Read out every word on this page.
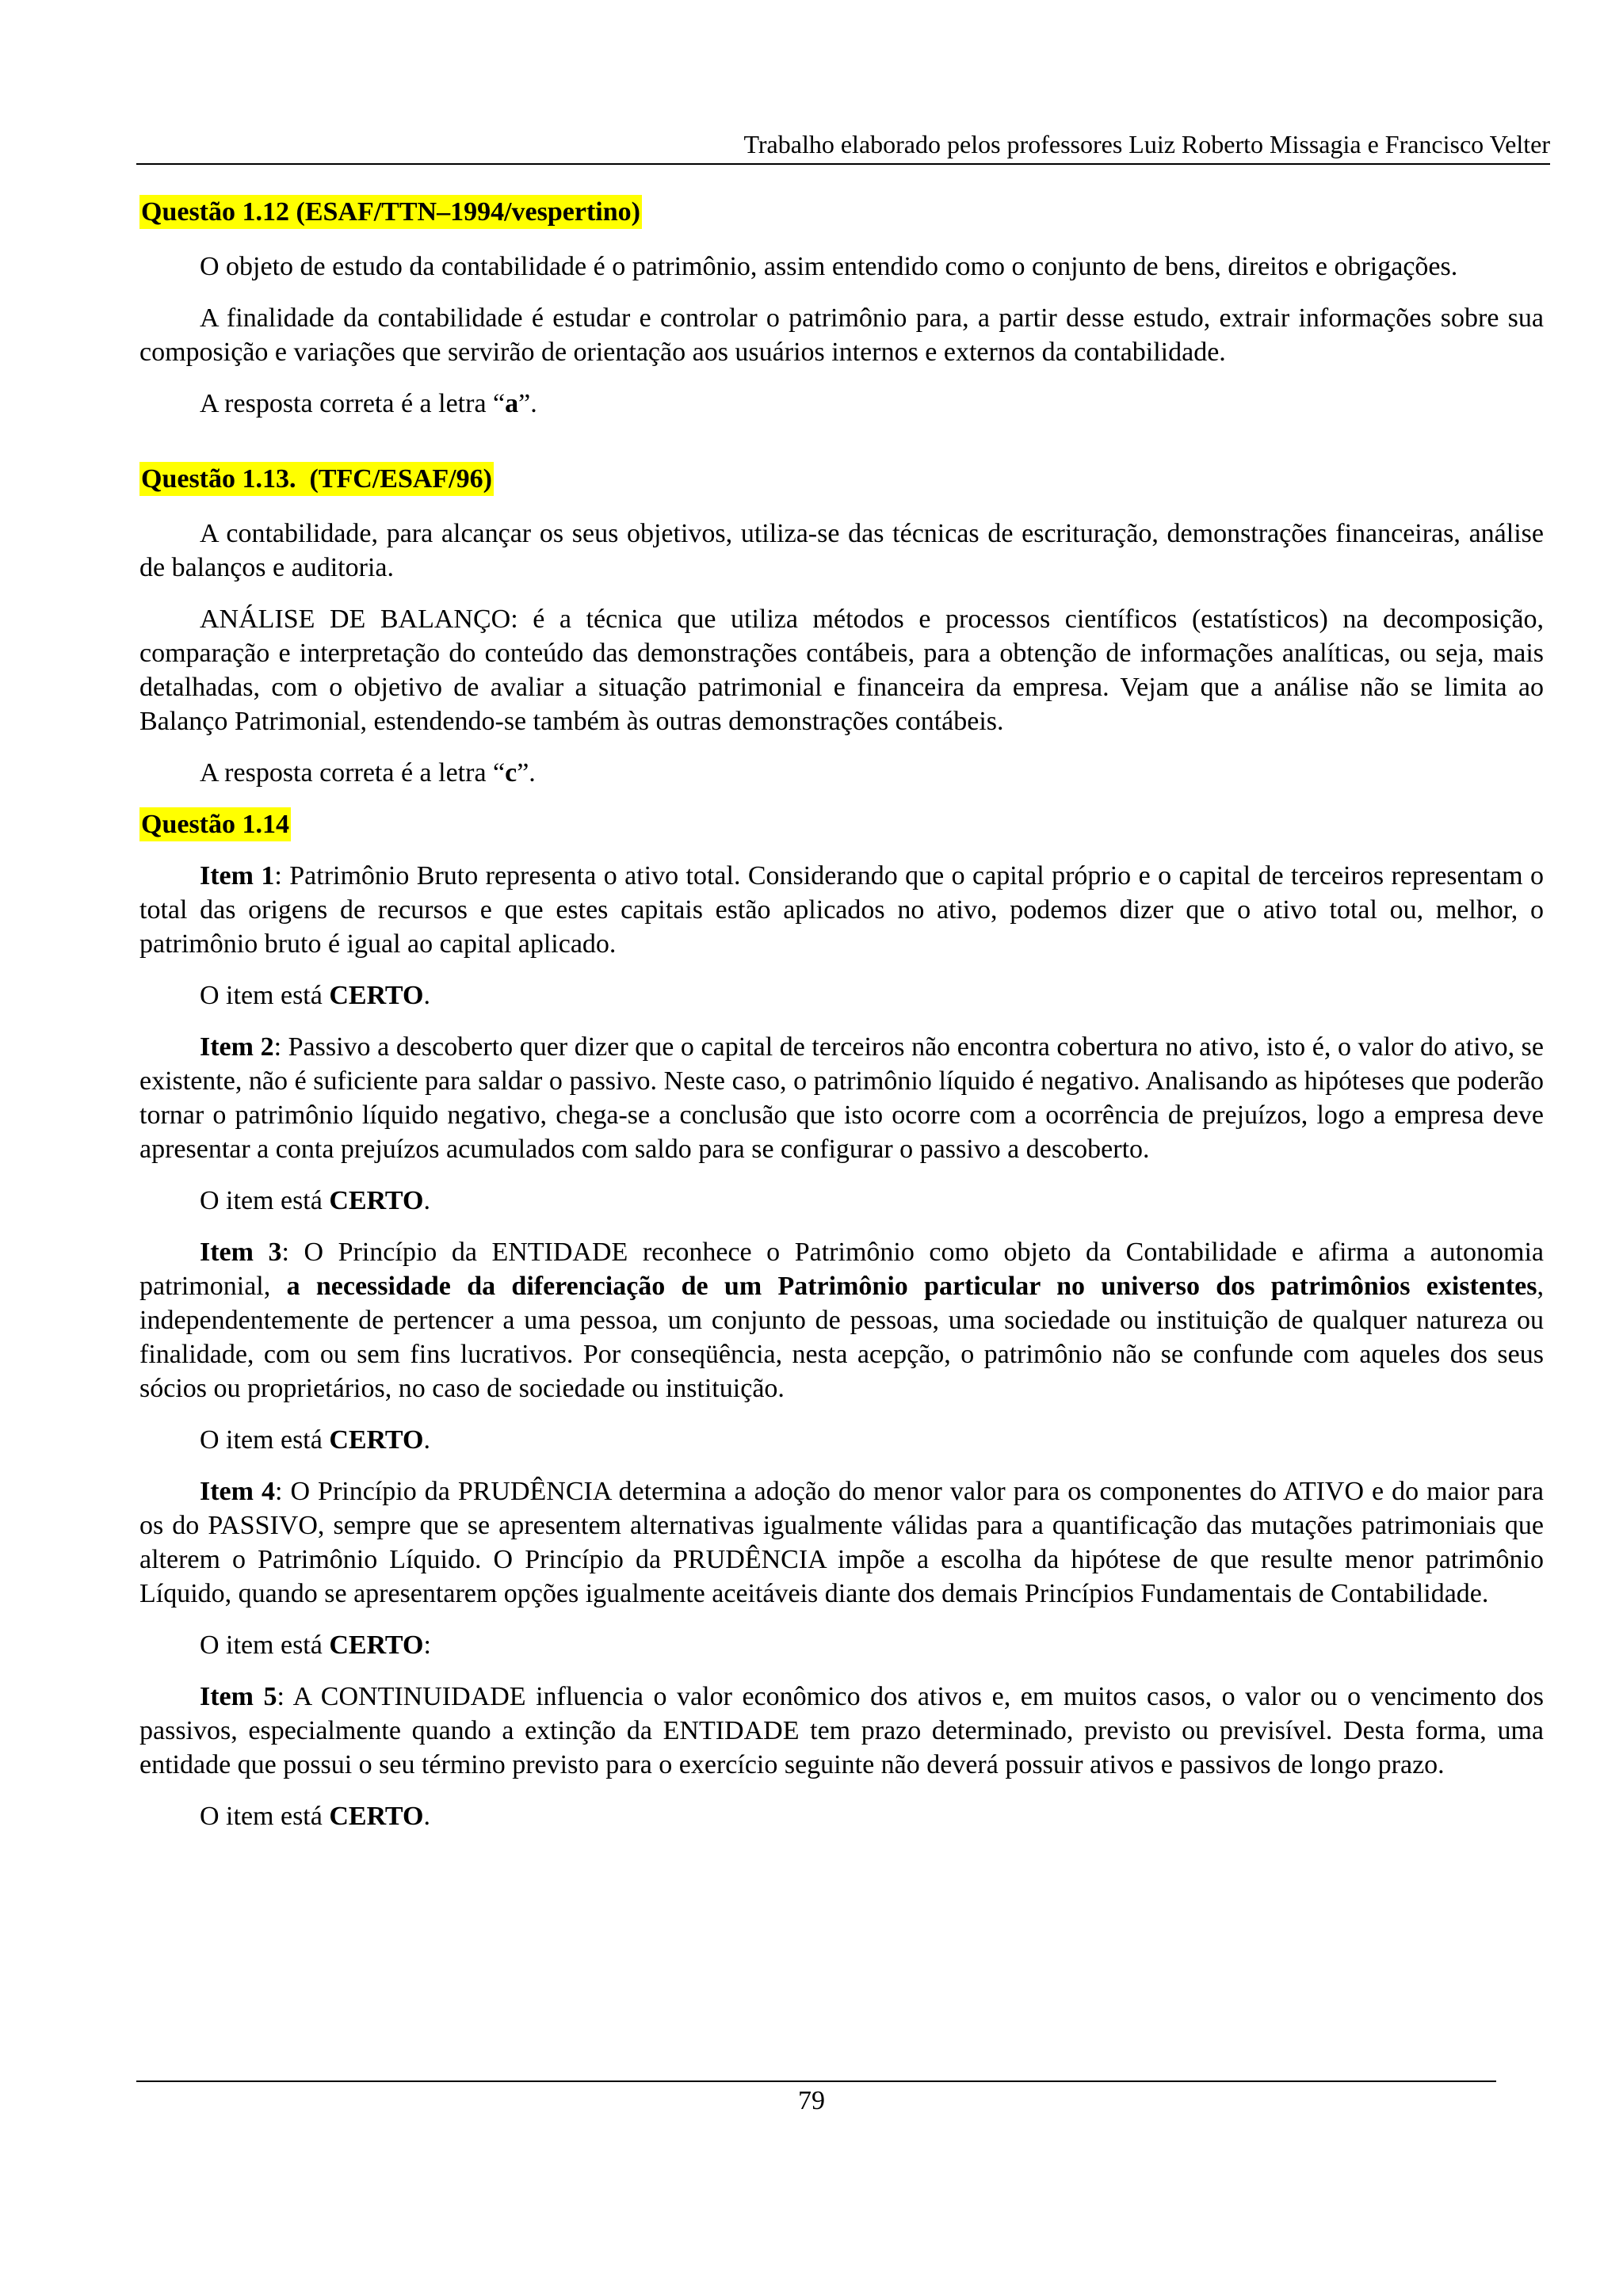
Trabalho elaborado pelos professores Luiz Roberto Missagia e Francisco Velter
Questão 1.12 (ESAF/TTN–1994/vespertino)

O objeto de estudo da contabilidade é o patrimônio, assim entendido como o conjunto de bens, direitos e obrigações.

A finalidade da contabilidade é estudar e controlar o patrimônio para, a partir desse estudo, extrair informações sobre sua composição e variações que servirão de orientação aos usuários internos e externos da contabilidade.

A resposta correta é a letra “a”.

Questão 1.13.  (TFC/ESAF/96)

A contabilidade, para alcançar os seus objetivos, utiliza-se das técnicas de escrituração, demonstrações financeiras, análise de balanços e auditoria.

ANÁLISE DE BALANÇO: é a técnica que utiliza métodos e processos científicos (estatísticos) na decomposição, comparação e interpretação do conteúdo das demonstrações contábeis, para a obtenção de informações analíticas, ou seja, mais detalhadas, com o objetivo de avaliar a situação patrimonial e financeira da empresa. Vejam que a análise não se limita ao Balanço Patrimonial, estendendo-se também às outras demonstrações contábeis.

A resposta correta é a letra “c”.

Questão 1.14

Item 1: Patrimônio Bruto representa o ativo total. Considerando que o capital próprio e o capital de terceiros representam o total das origens de recursos e que estes capitais estão aplicados no ativo, podemos dizer que o ativo total ou, melhor, o patrimônio bruto é igual ao capital aplicado.

O item está CERTO.

Item 2: Passivo a descoberto quer dizer que o capital de terceiros não encontra cobertura no ativo, isto é, o valor do ativo, se existente, não é suficiente para saldar o passivo. Neste caso, o patrimônio líquido é negativo. Analisando as hipóteses que poderão tornar o patrimônio líquido negativo, chega-se a conclusão que isto ocorre com a ocorrência de prejuízos, logo a empresa deve apresentar a conta prejuízos acumulados com saldo para se configurar o passivo a descoberto.

O item está CERTO.

Item 3: O Princípio da ENTIDADE reconhece o Patrimônio como objeto da Contabilidade e afirma a autonomia patrimonial, a necessidade da diferenciação de um Patrimônio particular no universo dos patrimônios existentes, independentemente de pertencer a uma pessoa, um conjunto de pessoas, uma sociedade ou instituição de qualquer natureza ou finalidade, com ou sem fins lucrativos. Por conseqüência, nesta acepção, o patrimônio não se confunde com aqueles dos seus sócios ou proprietários, no caso de sociedade ou instituição.

O item está CERTO.

Item 4: O Princípio da PRUDÊNCIA determina a adoção do menor valor para os componentes do ATIVO e do maior para os do PASSIVO, sempre que se apresentem alternativas igualmente válidas para a quantificação das mutações patrimoniais que alterem o Patrimônio Líquido. O Princípio da PRUDÊNCIA impõe a escolha da hipótese de que resulte menor patrimônio Líquido, quando se apresentarem opções igualmente aceitáveis diante dos demais Princípios Fundamentais de Contabilidade.

O item está CERTO:

Item 5: A CONTINUIDADE influencia o valor econômico dos ativos e, em muitos casos, o valor ou o vencimento dos passivos, especialmente quando a extinção da ENTIDADE tem prazo determinado, previsto ou previsível. Desta forma, uma entidade que possui o seu término previsto para o exercício seguinte não deverá possuir ativos e passivos de longo prazo.

O item está CERTO.

79
